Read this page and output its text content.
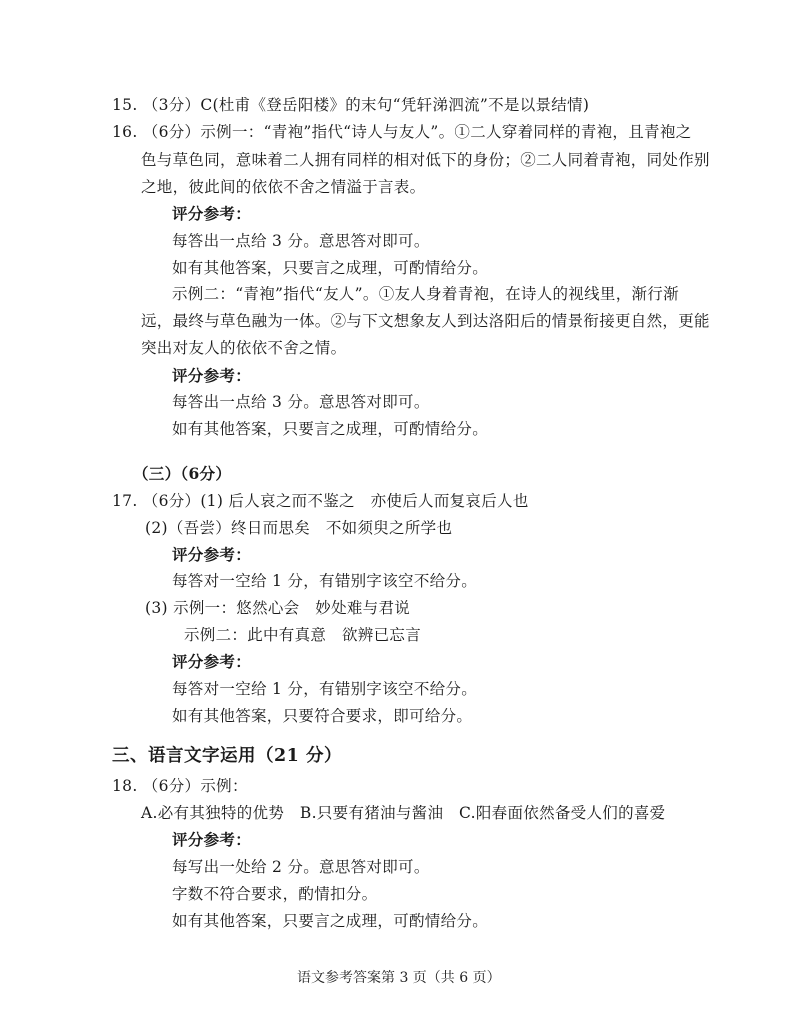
15. （3分）C(杜甫《登岳阳楼》的末句“凭轩涕泗流”不是以景结情)
16. （6分）示例一：“青袍”指代“诗人与友人”。①二人穿着同样的青袍，且青袍之
色与草色同，意味着二人拥有同样的相对低下的身份；②二人同着青袍，同处作别
之地，彼此间的依依不舍之情溢于言表。
评分参考：
每答出一点给 3 分。意思答对即可。
如有其他答案，只要言之成理，可酌情给分。
示例二：“青袍”指代“友人”。①友人身着青袍，在诗人的视线里，渐行渐
远，最终与草色融为一体。②与下文想象友人到达洛阳后的情景衔接更自然，更能
突出对友人的依依不舍之情。
评分参考：
每答出一点给 3 分。意思答对即可。
如有其他答案，只要言之成理，可酌情给分。
（三）（6分）
17. （6分）(1) 后人哀之而不鉴之　亦使后人而复哀后人也
(2)（吾尝）终日而思矣　不如须臾之所学也
评分参考：
每答对一空给 1 分，有错别字该空不给分。
(3) 示例一：悠然心会　妙处难与君说
示例二：此中有真意　欲辨已忘言
评分参考：
每答对一空给 1 分，有错别字该空不给分。
如有其他答案，只要符合要求，即可给分。
三、语言文字运用（21 分）
18. （6分）示例：
A.必有其独特的优势　B.只要有猪油与酱油　C.阳春面依然备受人们的喜爱
评分参考：
每写出一处给 2 分。意思答对即可。
字数不符合要求，酌情扣分。
如有其他答案，只要言之成理，可酌情给分。
语文参考答案第 3 页（共 6 页）
